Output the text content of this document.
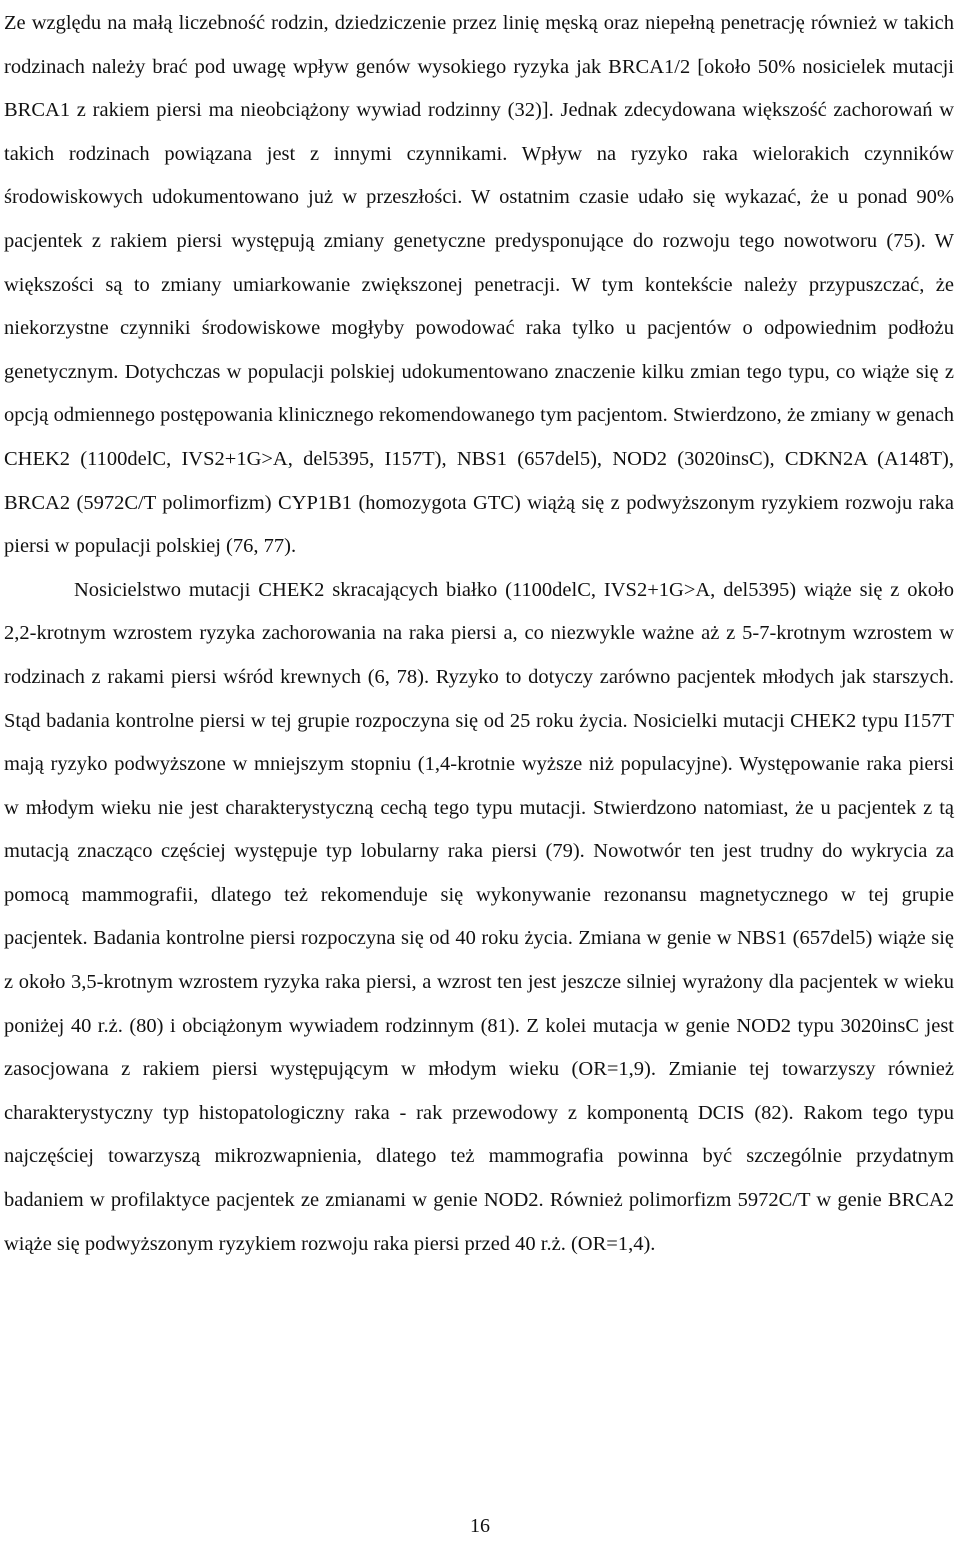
Ze względu na małą liczebność rodzin, dziedziczenie przez linię męską oraz niepełną penetrację również w takich rodzinach należy brać pod uwagę wpływ genów wysokiego ryzyka jak BRCA1/2 [około 50% nosicielek mutacji BRCA1 z rakiem piersi ma nieobciążony wywiad rodzinny (32)]. Jednak zdecydowana większość zachorowań w takich rodzinach powiązana jest z innymi czynnikami. Wpływ na ryzyko raka wielorakich czynników środowiskowych udokumentowano już w przeszłości. W ostatnim czasie udało się wykazać, że u ponad 90% pacjentek z rakiem piersi występują zmiany genetyczne predysponujące do rozwoju tego nowotworu (75). W większości są to zmiany umiarkowanie zwiększonej penetracji. W tym kontekście należy przypuszczać, że niekorzystne czynniki środowiskowe mogłyby powodować raka tylko u pacjentów o odpowiednim podłożu genetycznym. Dotychczas w populacji polskiej udokumentowano znaczenie kilku zmian tego typu, co wiąże się z opcją odmiennego postępowania klinicznego rekomendowanego tym pacjentom. Stwierdzono, że zmiany w genach CHEK2 (1100delC, IVS2+1G>A, del5395, I157T), NBS1 (657del5), NOD2 (3020insC), CDKN2A (A148T), BRCA2 (5972C/T polimorfizm) CYP1B1 (homozygota GTC) wiążą się z podwyższonym ryzykiem rozwoju raka piersi w populacji polskiej (76, 77).

Nosicielstwo mutacji CHEK2 skracających białko (1100delC, IVS2+1G>A, del5395) wiąże się z około 2,2-krotnym wzrostem ryzyka zachorowania na raka piersi a, co niezwykle ważne aż z 5-7-krotnym wzrostem w rodzinach z rakami piersi wśród krewnych (6, 78). Ryzyko to dotyczy zarówno pacjentek młodych jak starszych. Stąd badania kontrolne piersi w tej grupie rozpoczyna się od 25 roku życia. Nosicielki mutacji CHEK2 typu I157T mają ryzyko podwyższone w mniejszym stopniu (1,4-krotnie wyższe niż populacyjne). Występowanie raka piersi w młodym wieku nie jest charakterystyczną cechą tego typu mutacji. Stwierdzono natomiast, że u pacjentek z tą mutacją znacząco częściej występuje typ lobularny raka piersi (79). Nowotwór ten jest trudny do wykrycia za pomocą mammografii, dlatego też rekomenduje się wykonywanie rezonansu magnetycznego w tej grupie pacjentek. Badania kontrolne piersi rozpoczyna się od 40 roku życia. Zmiana w genie w NBS1 (657del5) wiąże się z około 3,5-krotnym wzrostem ryzyka raka piersi, a wzrost ten jest jeszcze silniej wyrażony dla pacjentek w wieku poniżej 40 r.ż. (80) i obciążonym wywiadem rodzinnym (81). Z kolei mutacja w genie NOD2 typu 3020insC jest zasocjowana z rakiem piersi występującym w młodym wieku (OR=1,9). Zmianie tej towarzyszy również charakterystyczny typ histopatologiczny raka - rak przewodowy z komponentą DCIS (82). Rakom tego typu najczęściej towarzyszą mikrozwapnienia, dlatego też mammografia powinna być szczególnie przydatnym badaniem w profilaktyce pacjentek ze zmianami w genie NOD2. Również polimorfizm 5972C/T w genie BRCA2 wiąże się podwyższonym ryzykiem rozwoju raka piersi przed 40 r.ż. (OR=1,4).

16
